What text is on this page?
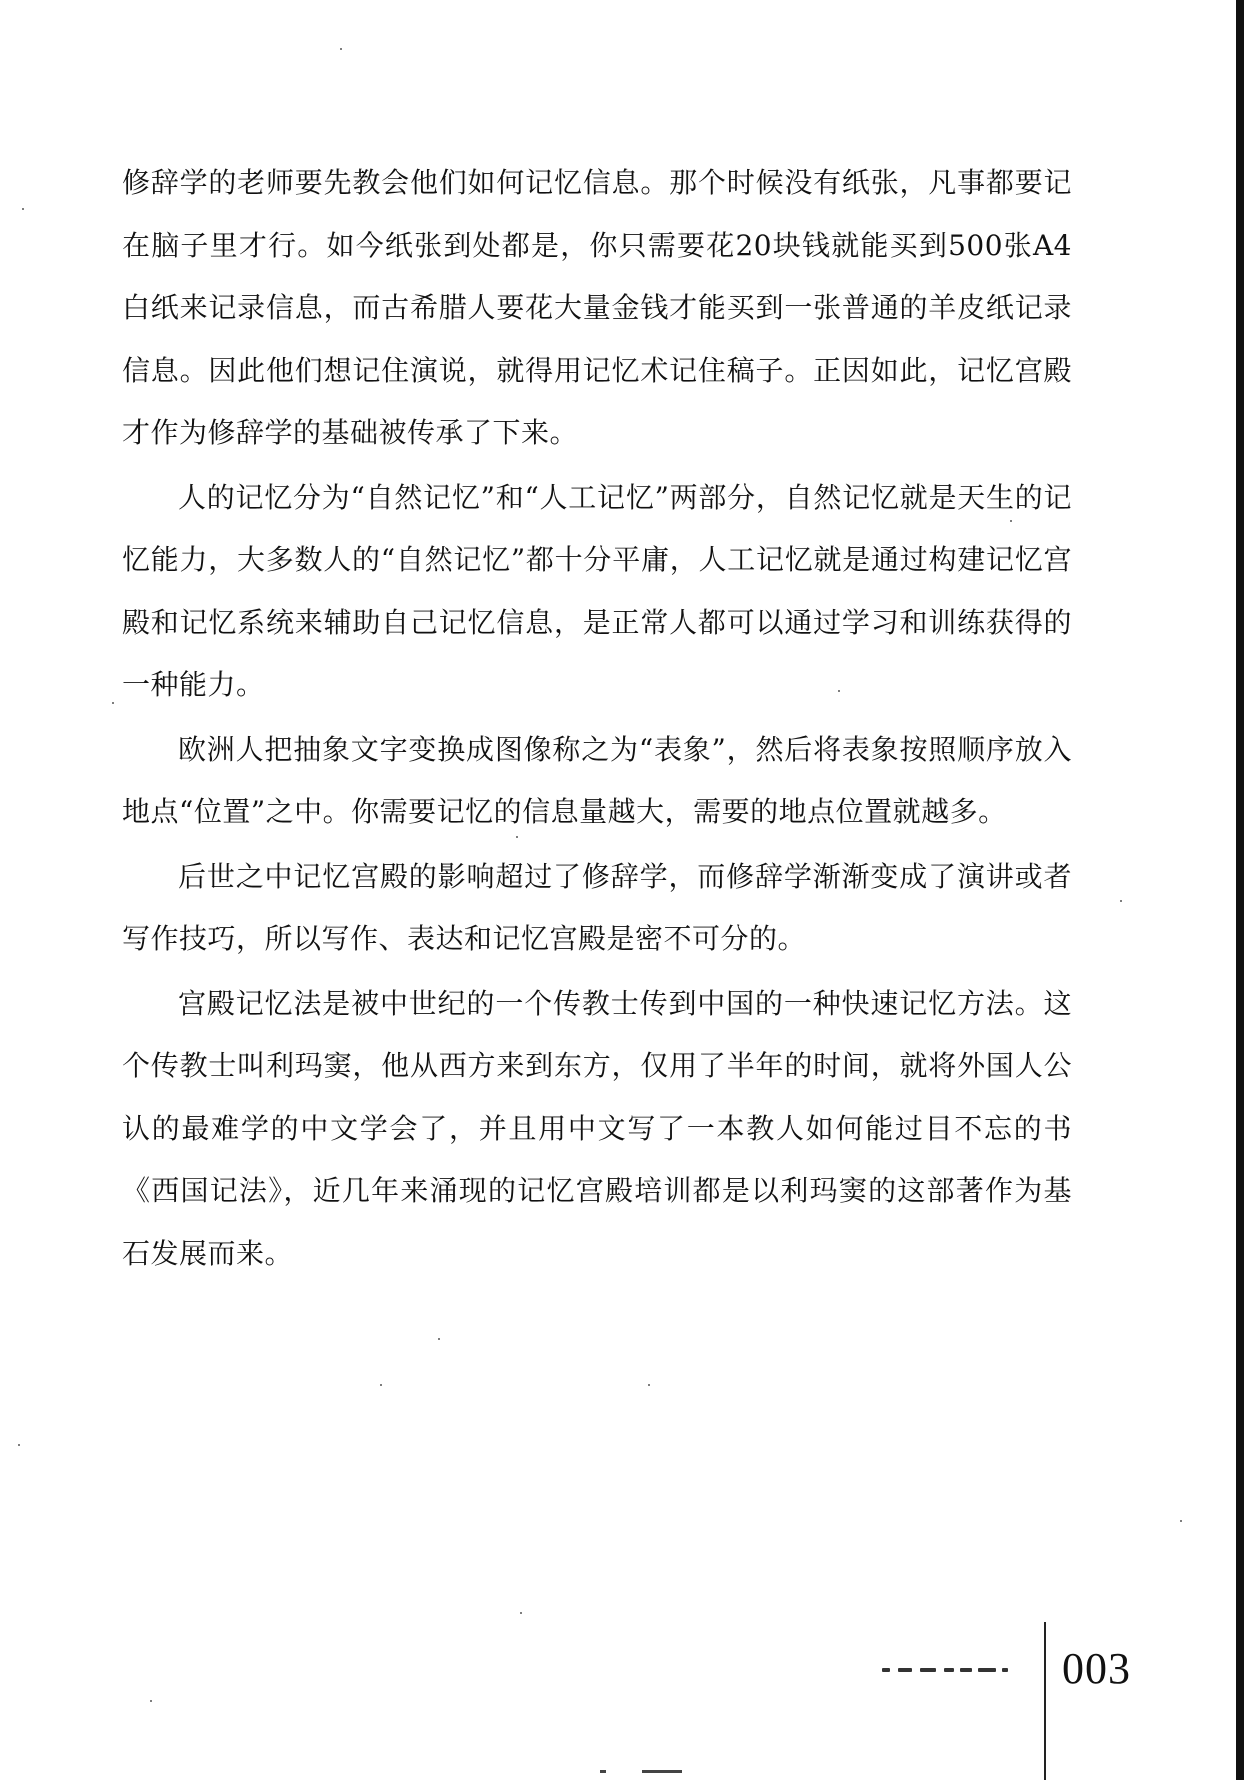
修辞学的老师要先教会他们如何记忆信息。那个时候没有纸张，凡事都要记在脑子里才行。如今纸张到处都是，你只需要花20块钱就能买到500张A4白纸来记录信息，而古希腊人要花大量金钱才能买到一张普通的羊皮纸记录信息。因此他们想记住演说，就得用记忆术记住稿子。正因如此，记忆宫殿才作为修辞学的基础被传承了下来。

人的记忆分为“自然记忆”和“人工记忆”两部分，自然记忆就是天生的记忆能力，大多数人的“自然记忆”都十分平庸，人工记忆就是通过构建记忆宫殿和记忆系统来辅助自己记忆信息，是正常人都可以通过学习和训练获得的一种能力。

欧洲人把抽象文字变换成图像称之为“表象”，然后将表象按照顺序放入地点“位置”之中。你需要记忆的信息量越大，需要的地点位置就越多。

后世之中记忆宫殿的影响超过了修辞学，而修辞学渐渐变成了演讲或者写作技巧，所以写作、表达和记忆宫殿是密不可分的。

宫殿记忆法是被中世纪的一个传教士传到中国的一种快速记忆方法。这个传教士叫利玛窦，他从西方来到东方，仅用了半年的时间，就将外国人公认的最难学的中文学会了，并且用中文写了一本教人如何能过目不忘的书《西国记法》，近几年来涌现的记忆宫殿培训都是以利玛窦的这部著作为基石发展而来。

003
